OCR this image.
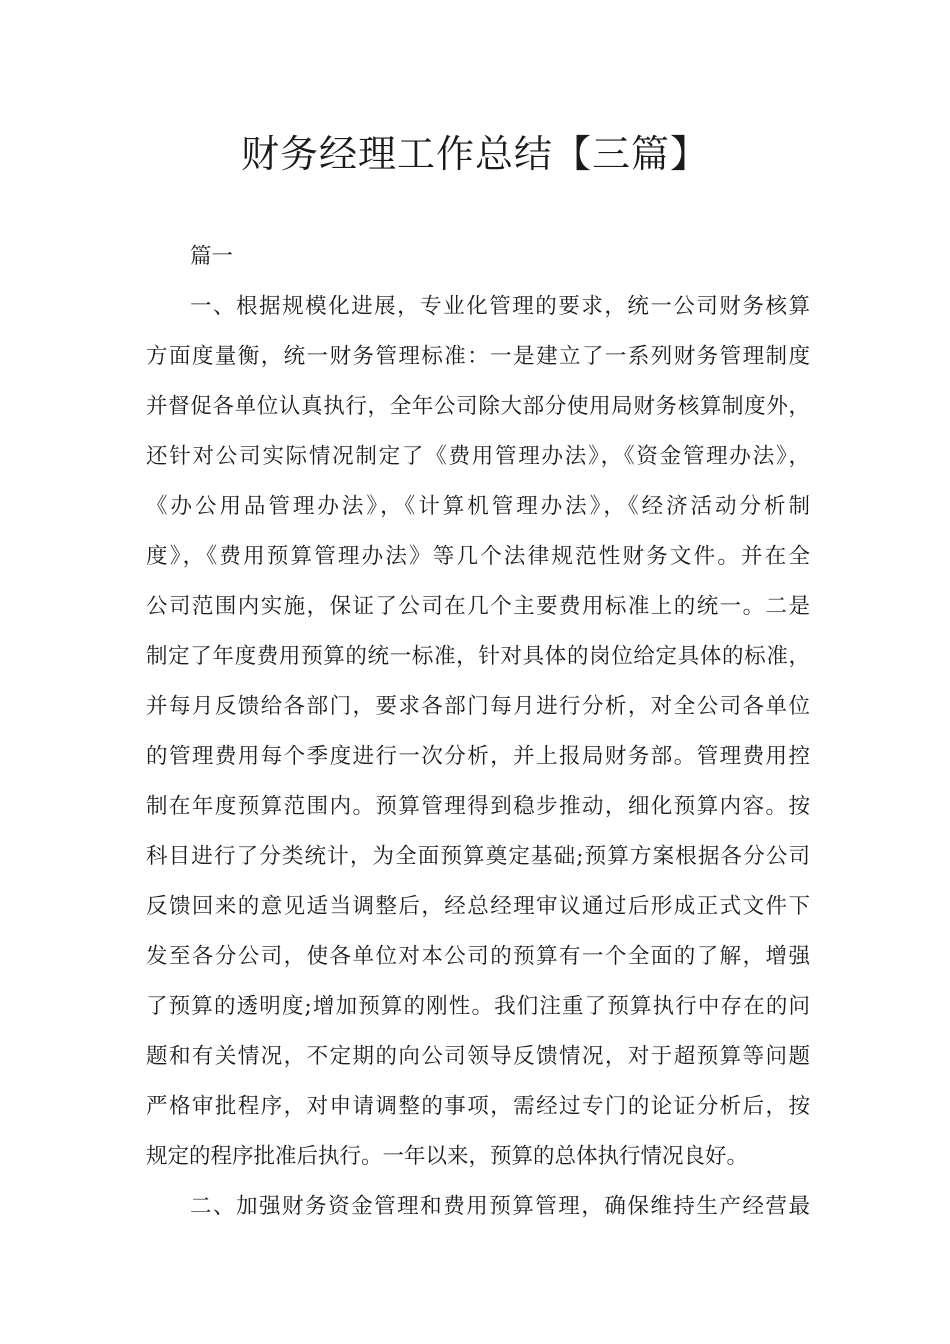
财务经理工作总结【三篇】
篇一
一、根据规模化进展，专业化管理的要求，统一公司财务核算
方面度量衡，统一财务管理标准：一是建立了一系列财务管理制度
并督促各单位认真执行，全年公司除大部分使用局财务核算制度外，
还针对公司实际情况制定了《费用管理办法》，《资金管理办法》，
《办公用品管理办法》，《计算机管理办法》，《经济活动分析制
度》，《费用预算管理办法》等几个法律规范性财务文件。并在全
公司范围内实施，保证了公司在几个主要费用标准上的统一。二是
制定了年度费用预算的统一标准，针对具体的岗位给定具体的标准，
并每月反馈给各部门，要求各部门每月进行分析，对全公司各单位
的管理费用每个季度进行一次分析，并上报局财务部。管理费用控
制在年度预算范围内。预算管理得到稳步推动，细化预算内容。按
科目进行了分类统计，为全面预算奠定基础;预算方案根据各分公司
反馈回来的意见适当调整后，经总经理审议通过后形成正式文件下
发至各分公司，使各单位对本公司的预算有一个全面的了解，增强
了预算的透明度;增加预算的刚性。我们注重了预算执行中存在的问
题和有关情况，不定期的向公司领导反馈情况，对于超预算等问题
严格审批程序，对申请调整的事项，需经过专门的论证分析后，按
规定的程序批准后执行。一年以来，预算的总体执行情况良好。
二、加强财务资金管理和费用预算管理，确保维持生产经营最
